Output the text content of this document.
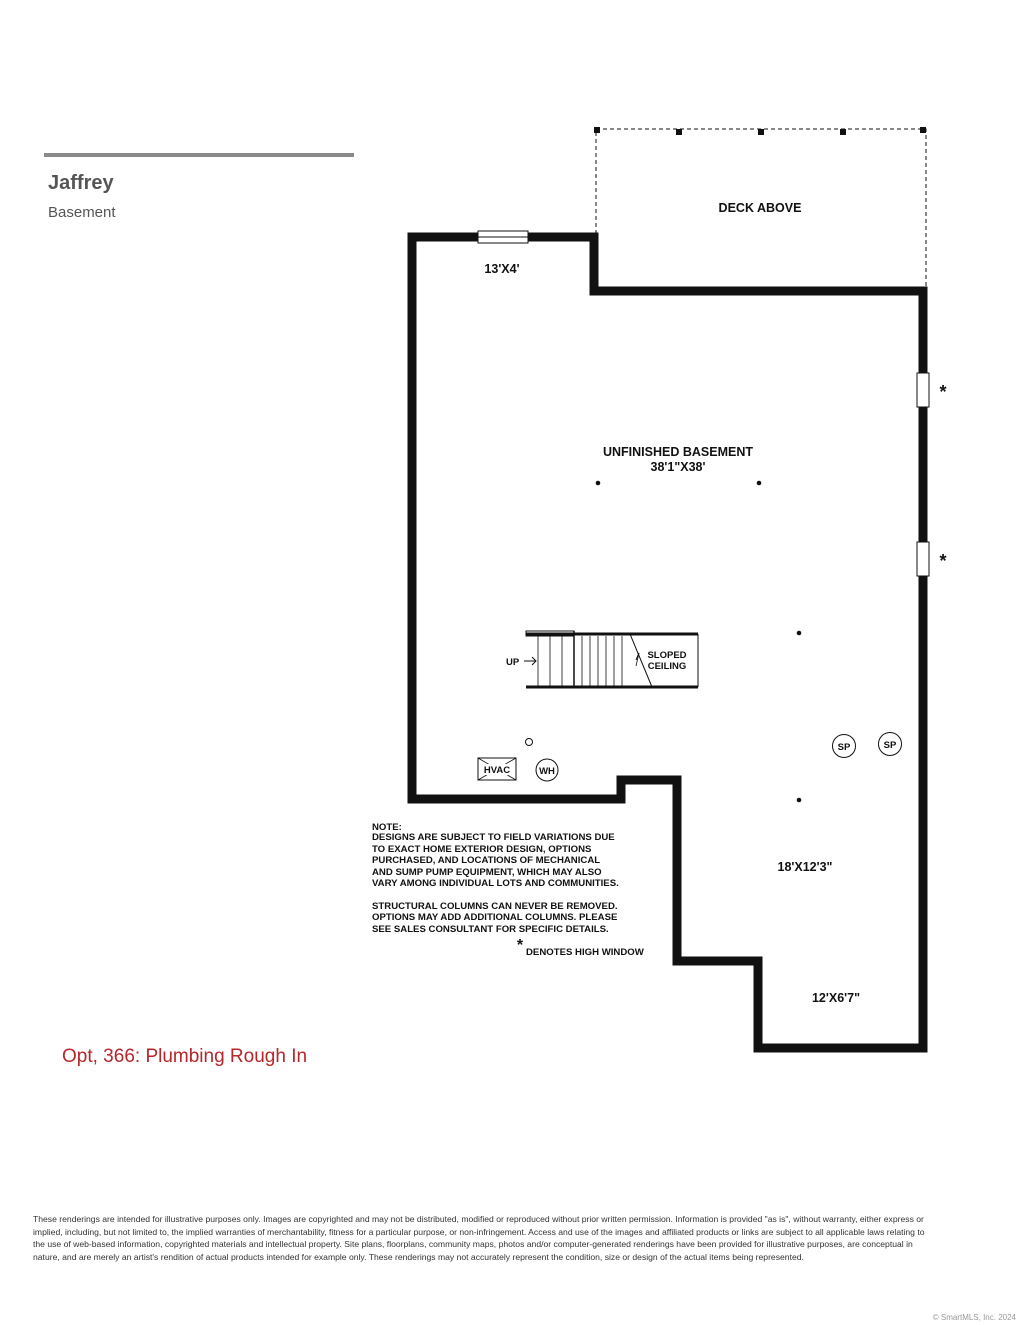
Jaffrey
Basement	DECK ABOVE
*
*
13'X4'
UNFINISHED BASEMENT
38'1"X38'
18'X12'3"
12'X6'7"
UP
SLOPED
CEILING
HVAC	WH
SP	SP
NOTE:
DESIGNS ARE SUBJECT TO FIELD VARIATIONS DUE
TO EXACT HOME EXTERIOR DESIGN, OPTIONS
PURCHASED, AND LOCATIONS OF MECHANICAL
AND SUMP PUMP EQUIPMENT, WHICH MAY ALSO
VARY AMONG INDIVIDUAL LOTS AND COMMUNITIES.
STRUCTURAL COLUMNS CAN NEVER BE REMOVED.
OPTIONS MAY ADD ADDITIONAL COLUMNS. PLEASE
SEE SALES CONSULTANT FOR SPECIFIC DETAILS.
* DENOTES HIGH WINDOW
Opt, 366: Plumbing Rough In
These renderings are intended for illustrative purposes only. Images are copyrighted and may not be distributed, modified or reproduced without prior written permission. Information is provided "as is", without warranty, either express or implied, including, but not limited to, the implied warranties of merchantability, fitness for a particular purpose, or non-infringement. Access and use of the images and affiliated products or links are subject to all applicable laws relating to the use of web-based information, copyrighted materials and intellectual property. Site plans, floorplans, community maps, photos and/or computer-generated renderings have been provided for illustrative purposes, are conceptual in nature, and are merely an artist's rendition of actual products intended for example only. These renderings may not accurately represent the condition, size or design of the actual items being represented.
© SmartMLS, Inc. 2024
